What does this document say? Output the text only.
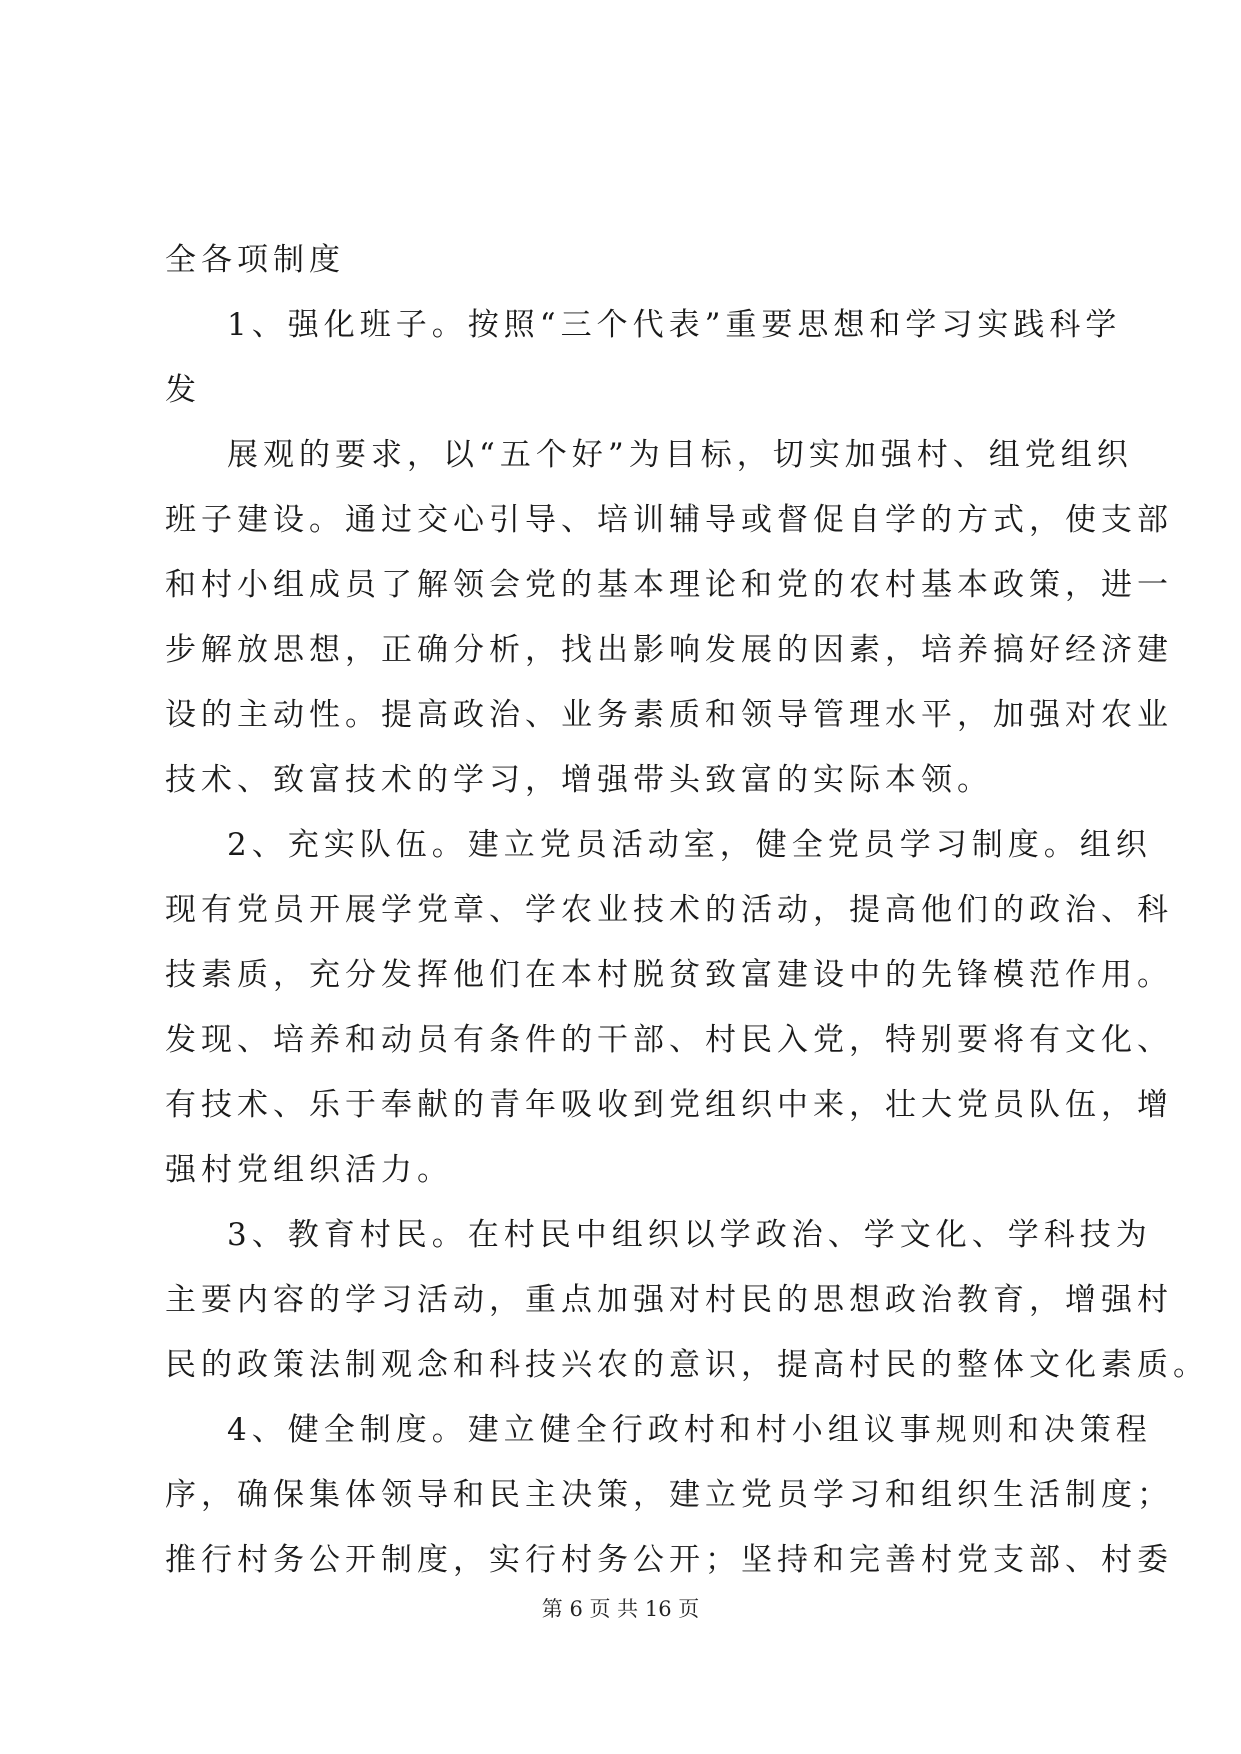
全各项制度
1、强化班子。按照“三个代表”重要思想和学习实践科学
发
展观的要求，以“五个好”为目标，切实加强村、组党组织
班子建设。通过交心引导、培训辅导或督促自学的方式，使支部
和村小组成员了解领会党的基本理论和党的农村基本政策，进一
步解放思想，正确分析，找出影响发展的因素，培养搞好经济建
设的主动性。提高政治、业务素质和领导管理水平，加强对农业
技术、致富技术的学习，增强带头致富的实际本领。
2、充实队伍。建立党员活动室，健全党员学习制度。组织
现有党员开展学党章、学农业技术的活动，提高他们的政治、科
技素质，充分发挥他们在本村脱贫致富建设中的先锋模范作用。
发现、培养和动员有条件的干部、村民入党，特别要将有文化、
有技术、乐于奉献的青年吸收到党组织中来，壮大党员队伍，增
强村党组织活力。
3、教育村民。在村民中组织以学政治、学文化、学科技为
主要内容的学习活动，重点加强对村民的思想政治教育，增强村
民的政策法制观念和科技兴农的意识，提高村民的整体文化素质。
4、健全制度。建立健全行政村和村小组议事规则和决策程
序，确保集体领导和民主决策，建立党员学习和组织生活制度；
推行村务公开制度，实行村务公开；坚持和完善村党支部、村委
第 6 页 共 16 页
